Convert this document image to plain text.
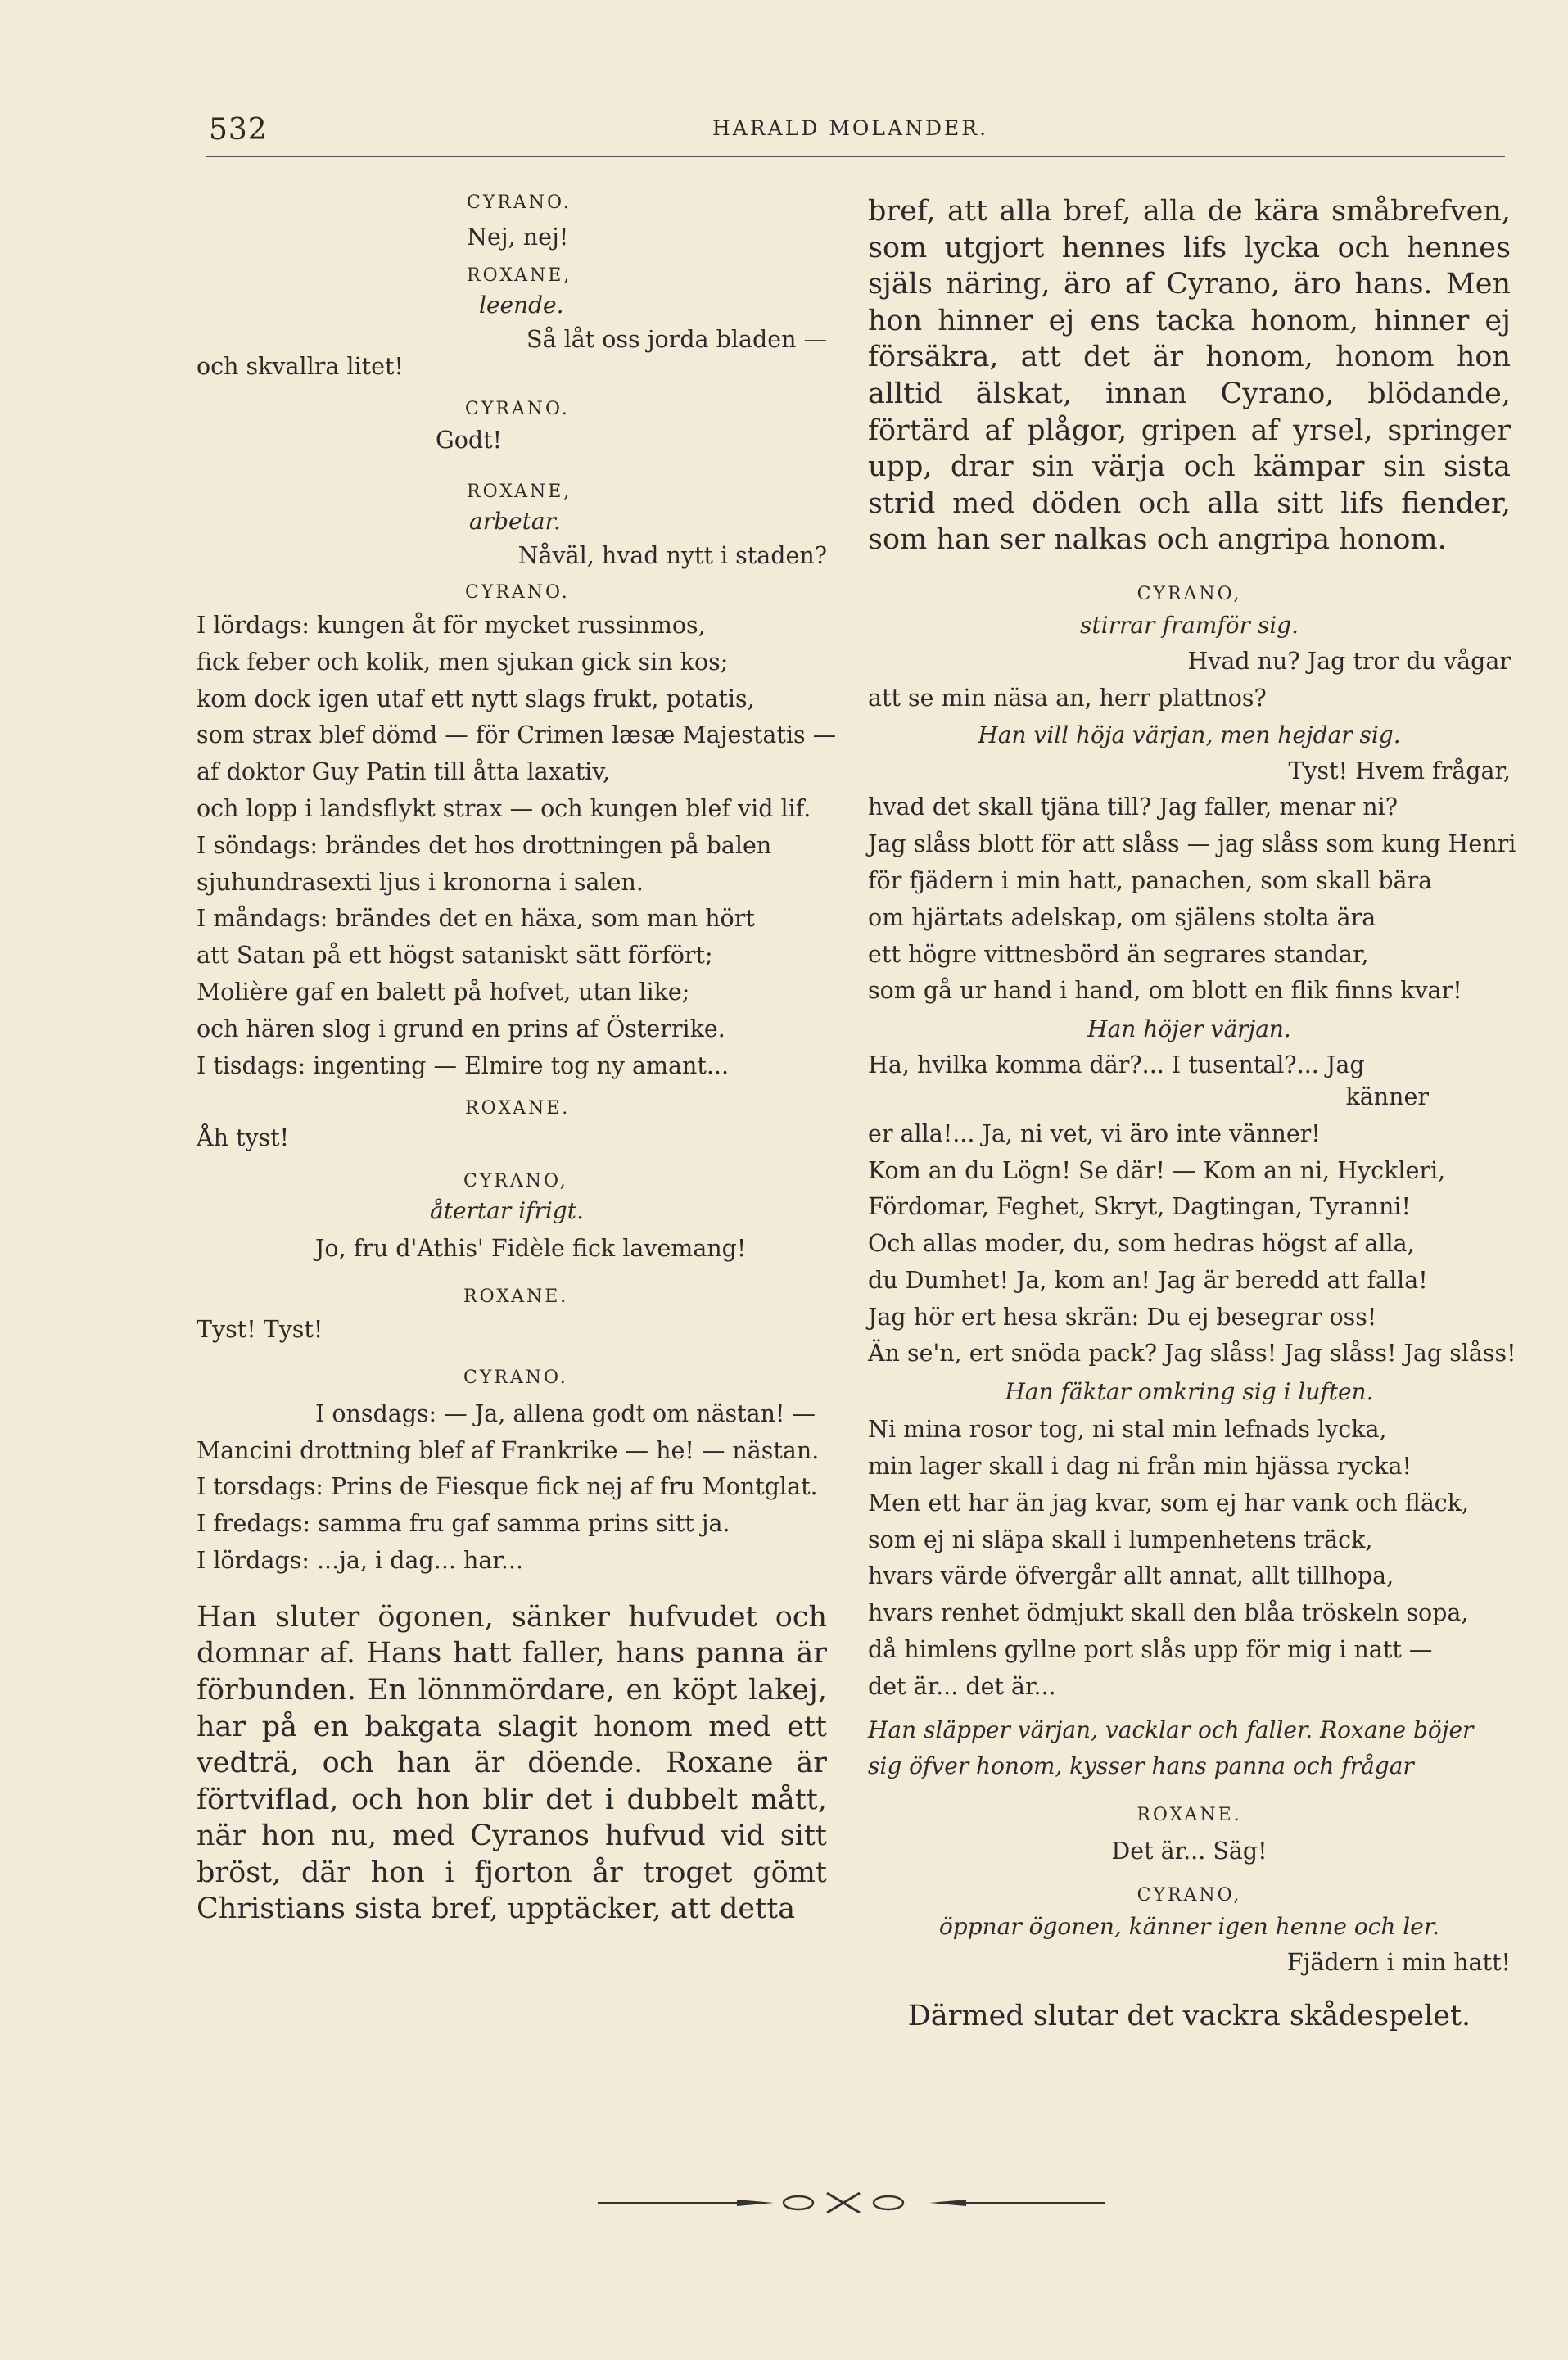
532	HARALD MOLANDER.
CYRANO.
Nej, nej!
ROXANE,
leende.
Så låt oss jorda bladen —
och skvallra litet!
CYRANO.
Godt!
ROXANE,
arbetar.
Nåväl, hvad nytt i staden?
CYRANO.
I lördags: kungen åt för mycket russinmos,
fick feber och kolik, men sjukan gick sin kos;
kom dock igen utaf ett nytt slags frukt, potatis,
som strax blef dömd — för Crimen læsæ Majestatis —
af doktor Guy Patin till åtta laxativ,
och lopp i landsflykt strax — och kungen blef vid lif.
I söndags: brändes det hos drottningen på balen
sjuhundrasexti ljus i kronorna i salen.
I måndags: brändes det en häxa, som man hört
att Satan på ett högst sataniskt sätt förfört;
Molière gaf en balett på hofvet, utan like;
och hären slog i grund en prins af Österrike.
I tisdags: ingenting — Elmire tog ny amant...
ROXANE.
Åh tyst!
CYRANO,
återtar ifrigt.
Jo, fru d'Athis' Fidèle fick lavemang!
ROXANE.
Tyst! Tyst!
CYRANO.
I onsdags: — Ja, allena godt om nästan! —
Mancini drottning blef af Frankrike — he! — nästan.
I torsdags: Prins de Fiesque fick nej af fru Montglat.
I fredags: samma fru gaf samma prins sitt ja.
I lördags: ...ja, i dag... har...

Han sluter ögonen, sänker hufvudet och domnar af. Hans hatt faller, hans panna är förbunden. En lönnmördare, en köpt lakej, har på en bakgata slagit honom med ett vedträ, och han är döende. Roxane är förtviflad, och hon blir det i dubbelt mått, när hon nu, med Cyranos hufvud vid sitt bröst, där hon i fjorton år troget gömt Christians sista bref, upptäcker, att detta

bref, att alla bref, alla de kära småbrefven, som utgjort hennes lifs lycka och hennes själs näring, äro af Cyrano, äro hans. Men hon hinner ej ens tacka honom, hinner ej försäkra, att det är honom, honom hon alltid älskat, innan Cyrano, blödande, förtärd af plågor, gripen af yrsel, springer upp, drar sin värja och kämpar sin sista strid med döden och alla sitt lifs fiender, som han ser nalkas och angripa honom.

CYRANO,
stirrar framför sig.
Hvad nu? Jag tror du vågar
att se min näsa an, herr plattnos?
Han vill höja värjan, men hejdar sig.
Tyst! Hvem frågar,
hvad det skall tjäna till? Jag faller, menar ni?
Jag slåss blott för att slåss — jag slåss som kung Henri
för fjädern i min hatt, panachen, som skall bära
om hjärtats adelskap, om själens stolta ära
ett högre vittnesbörd än segrares standar,
som gå ur hand i hand, om blott en flik finns kvar!
Han höjer värjan.
Ha, hvilka komma där?... I tusental?... Jag
känner
er alla!... Ja, ni vet, vi äro inte vänner!
Kom an du Lögn! Se där! — Kom an ni, Hyckleri,
Fördomar, Feghet, Skryt, Dagtingan, Tyranni!
Och allas moder, du, som hedras högst af alla,
du Dumhet! Ja, kom an! Jag är beredd att falla!
Jag hör ert hesa skrän: Du ej besegrar oss!
Än se'n, ert snöda pack? Jag slåss! Jag slåss! Jag slåss!
Han fäktar omkring sig i luften.
Ni mina rosor tog, ni stal min lefnads lycka,
min lager skall i dag ni från min hjässa rycka!
Men ett har än jag kvar, som ej har vank och fläck,
som ej ni släpa skall i lumpenhetens träck,
hvars värde öfvergår allt annat, allt tillhopa,
hvars renhet ödmjukt skall den blåa tröskeln sopa,
då himlens gyllne port slås upp för mig i natt —
det är... det är...
Han släpper värjan, vacklar och faller. Roxane böjer sig öfver honom, kysser hans panna och frågar
ROXANE.
Det är... Säg!
CYRANO,
öppnar ögonen, känner igen henne och ler.
Fjädern i min hatt!
Därmed slutar det vackra skådespelet.
